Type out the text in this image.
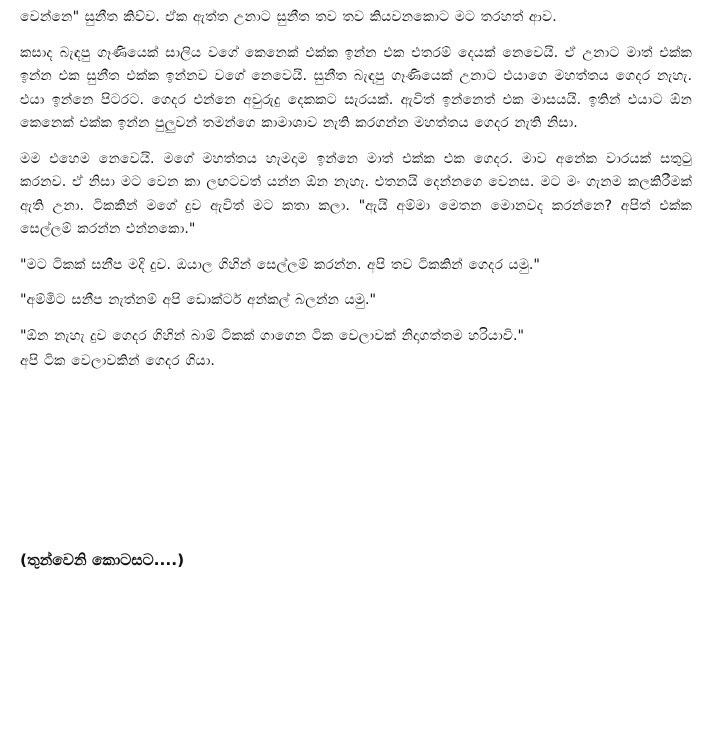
වෙන්නෙ" සුනීත කිව්ව. ඒක ඇත්ත උනාට සුනීත තව තව කියවනකොට මට තරහත් ආව.

කසාද බැඳපු ගෑණියෙක් සාලිය වගේ කෙනෙක් එක්ක ඉන්න එක එතරම් දෙයක් නෙවෙයි. ඒ උනාට මාත් එක්ක ඉන්න එක සුනීත එක්ක ඉන්නව වගේ නෙවෙයි. සුනීත බැඳපු ගෑණියෙක් උනාට එයාගෙ මහත්තය ගෙදර නැහැ. එයා ඉන්නෙ පිටරට. ගෙදර එන්නෙ අවුරුදු දෙකකට සැරයක්. ඇවිත් ඉන්නෙත් එක මාසයයි. ඉතින් එයාට ඕන කෙනෙක් එක්ක ඉන්න පුලුවන් තමන්ගෙ කාමාශාව නැති කරගන්න මහත්තය ගෙදර නැති නිසා.

මම එහෙම නෙවෙයි. මගේ මහත්තය හැමදාම ඉන්නෙ මාත් එක්ක එක ගෙදර. මාව අනේක වාරයක් සතුටු කරනව. ඒ නිසා මට වෙන කා ලඟටවත් යන්න ඕන නැහැ. එතනයි දෙන්නගෙ වෙනස. මට මං ගැනම කලකිරීමක් ඇති උනා. ටිකකින් මගේ දුව ඇවිත් මට කතා කලා. "ඇයි අම්මා මෙතන මොනවද කරන්නෙ? අපිත් එක්ක සෙල්ලම් කරන්න එන්නකො."

"මට ටිකක් සනීප මදි දුව. ඔයාල ගිහින් සෙල්ලම් කරන්න. අපි තව ටිකකින් ගෙදර යමු."

"අම්මිට සනීප නැත්නම් අපි ඩොක්ටර් අන්කල් බලන්න යමු."

"ඕන නැහැ දුව ගෙදර ගිහින් බාම් ටිකක් ගාගෙන ටික වෙලාවක් නිදාගත්තම හරියාවි."

අපි ටික වෙලාවකින් ගෙදර ගියා.

(තුන්වෙනි කොටසට....)
